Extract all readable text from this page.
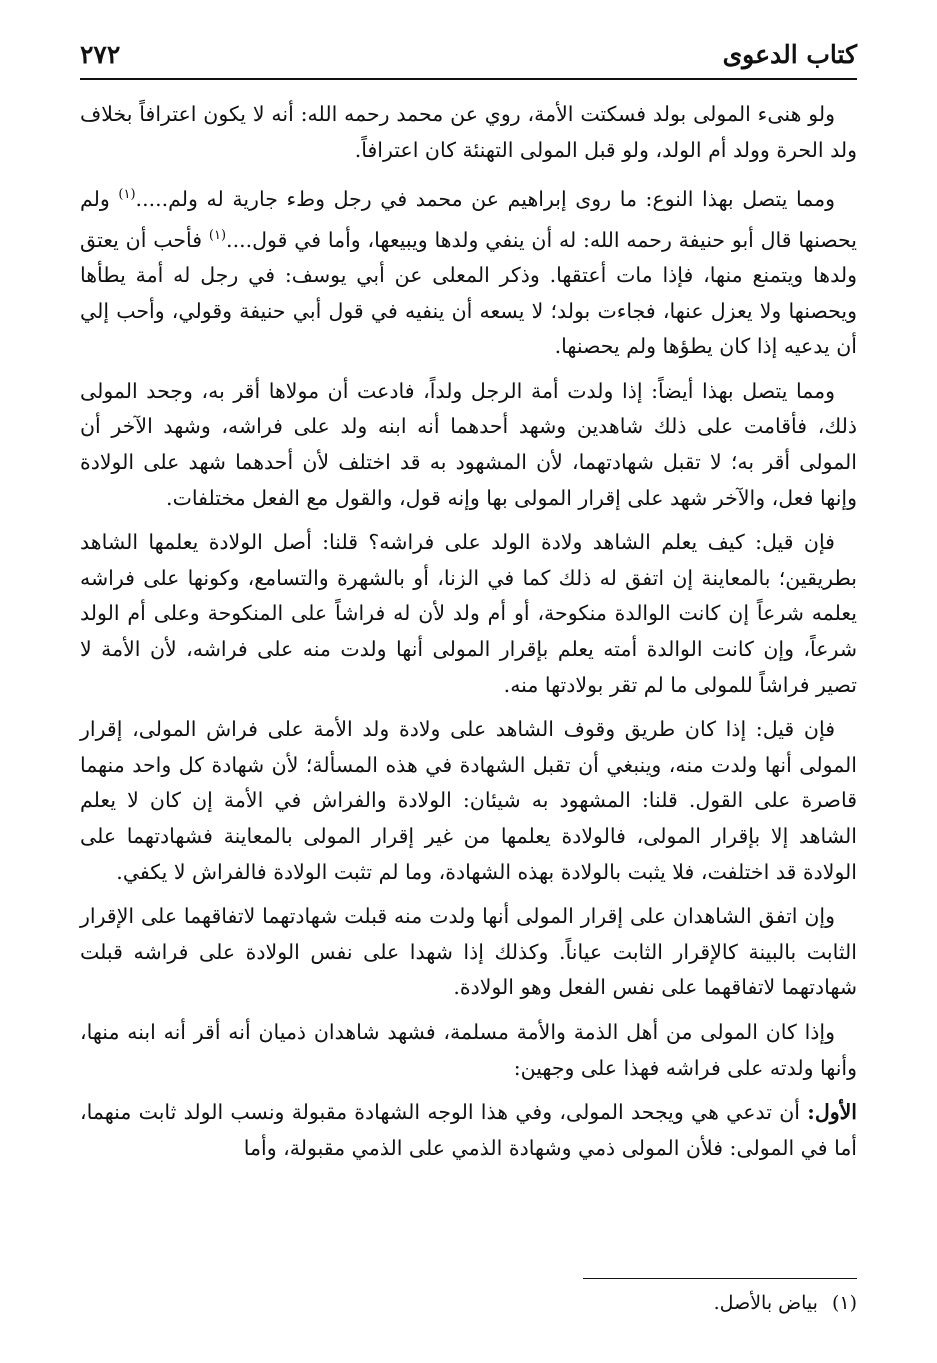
كتاب الدعوى
٢٧٢

ولو هنىء المولى بولد فسكتت الأمة، روي عن محمد رحمه الله: أنه لا يكون اعترافاً بخلاف ولد الحرة وولد أم الولد، ولو قبل المولى التهنئة كان اعترافاً.

ومما يتصل بهذا النوع: ما روى إبراهيم عن محمد في رجل وطء جارية له ولم.....$^{(١)}$ ولم يحصنها قال أبو حنيفة رحمه الله: له أن ينفي ولدها ويبيعها، وأما في قول....$^{(١)}$ فأحب أن يعتق ولدها ويتمنع منها، فإذا مات أعتقها. وذكر المعلى عن أبي يوسف: في رجل له أمة يطأها ويحصنها ولا يعزل عنها، فجاءت بولد؛ لا يسعه أن ينفيه في قول أبي حنيفة وقولي، وأحب إلي أن يدعيه إذا كان يطؤها ولم يحصنها.

ومما يتصل بهذا أيضاً: إذا ولدت أمة الرجل ولداً، فادعت أن مولاها أقر به، وجحد المولى ذلك، فأقامت على ذلك شاهدين وشهد أحدهما أنه ابنه ولد على فراشه، وشهد الآخر أن المولى أقر به؛ لا تقبل شهادتهما، لأن المشهود به قد اختلف لأن أحدهما شهد على الولادة وإنها فعل، والآخر شهد على إقرار المولى بها وإنه قول، والقول مع الفعل مختلفات.

فإن قيل: كيف يعلم الشاهد ولادة الولد على فراشه؟ قلنا: أصل الولادة يعلمها الشاهد بطريقين؛ بالمعاينة إن اتفق له ذلك كما في الزنا، أو بالشهرة والتسامع، وكونها على فراشه يعلمه شرعاً إن كانت الوالدة منكوحة، أو أم ولد لأن له فراشاً على المنكوحة وعلى أم الولد شرعاً، وإن كانت الوالدة أمته يعلم بإقرار المولى أنها ولدت منه على فراشه، لأن الأمة لا تصير فراشاً للمولى ما لم تقر بولادتها منه.

فإن قيل: إذا كان طريق وقوف الشاهد على ولادة ولد الأمة على فراش المولى، إقرار المولى أنها ولدت منه، وينبغي أن تقبل الشهادة في هذه المسألة؛ لأن شهادة كل واحد منهما قاصرة على القول. قلنا: المشهود به شيئان: الولادة والفراش في الأمة إن كان لا يعلم الشاهد إلا بإقرار المولى، فالولادة يعلمها من غير إقرار المولى بالمعاينة فشهادتهما على الولادة قد اختلفت، فلا يثبت بالولادة بهذه الشهادة، وما لم تثبت الولادة فالفراش لا يكفي.

وإن اتفق الشاهدان على إقرار المولى أنها ولدت منه قبلت شهادتهما لاتفاقهما على الإقرار الثابت بالبينة كالإقرار الثابت عياناً. وكذلك إذا شهدا على نفس الولادة على فراشه قبلت شهادتهما لاتفاقهما على نفس الفعل وهو الولادة.

وإذا كان المولى من أهل الذمة والأمة مسلمة، فشهد شاهدان ذميان أنه أقر أنه ابنه منها، وأنها ولدته على فراشه فهذا على وجهين:

الأول: أن تدعي هي ويجحد المولى، وفي هذا الوجه الشهادة مقبولة ونسب الولد ثابت منهما، أما في المولى: فلأن المولى ذمي وشهادة الذمي على الذمي مقبولة، وأما

(١)
بياض بالأصل.
